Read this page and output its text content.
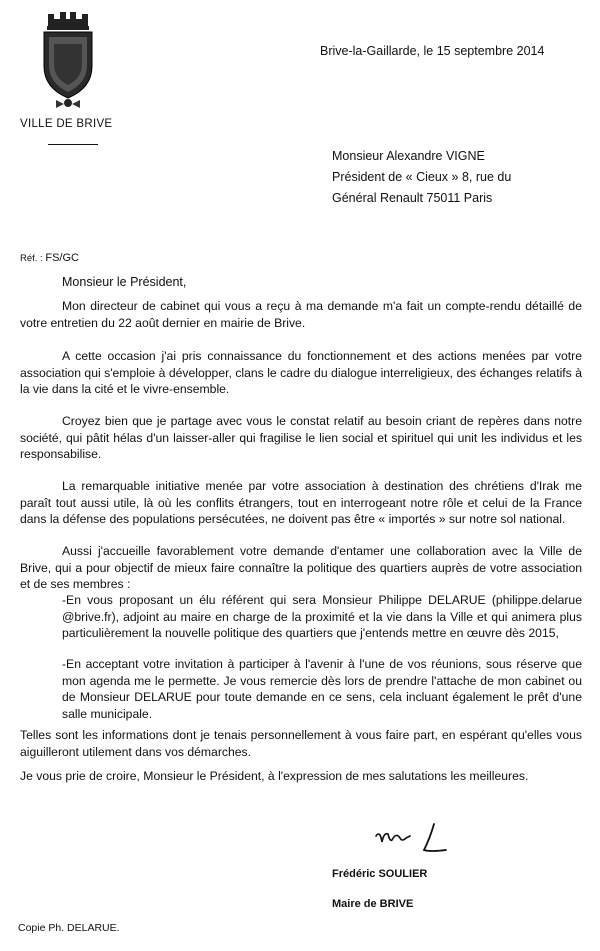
VILLE DE BRIVE
Brive-la-Gaillarde, le 15 septembre 2014
Monsieur Alexandre VIGNE
Président de « Cieux » 8, rue du
Général Renault 75011 Paris
Réf. : FS/GC
Monsieur le Président,

Mon directeur de cabinet qui vous a reçu à ma demande m'a fait un compte-rendu détaillé de votre entretien du 22 août dernier en mairie de Brive.

A cette occasion j'ai pris connaissance du fonctionnement et des actions menées par votre association qui s'emploie à développer, clans le cadre du dialogue interreligieux, des échanges relatifs à la vie dans la cité et le vivre-ensemble.

Croyez bien que je partage avec vous le constat relatif au besoin criant de repères dans notre société, qui pâtit hélas d'un laisser-aller qui fragilise le lien social et spirituel qui unit les individus et les responsabilise.

La remarquable initiative menée par votre association à destination des chrétiens d'Irak me paraît tout aussi utile, là où les conflits étrangers, tout en interrogeant notre rôle et celui de la France dans la défense des populations persécutées, ne doivent pas être « importés » sur notre sol national.

Aussi j'accueille favorablement votre demande d'entamer une collaboration avec la Ville de Brive, qui a pour objectif de mieux faire connaître la politique des quartiers auprès de votre association et de ses membres :

-En vous proposant un élu référent qui sera Monsieur Philippe DELARUE (philippe.delarue @brive.fr), adjoint au maire en charge de la proximité et la vie dans la Ville et qui animera plus particulièrement la nouvelle politique des quartiers que j'entends mettre en œuvre dès 2015,

-En acceptant votre invitation à participer à l'avenir à l'une de vos réunions, sous réserve que mon agenda me le permette. Je vous remercie dès lors de prendre l'attache de mon cabinet ou de Monsieur DELARUE pour toute demande en ce sens, cela incluant également le prêt d'une salle municipale.

Telles sont les informations dont je tenais personnellement à vous faire part, en espérant qu'elles vous aiguilleront utilement dans vos démarches.

Je vous prie de croire, Monsieur le Président, à l'expression de mes salutations les meilleures.

Frédéric SOULIER
Maire de BRIVE
Copie Ph. DELARUE.
